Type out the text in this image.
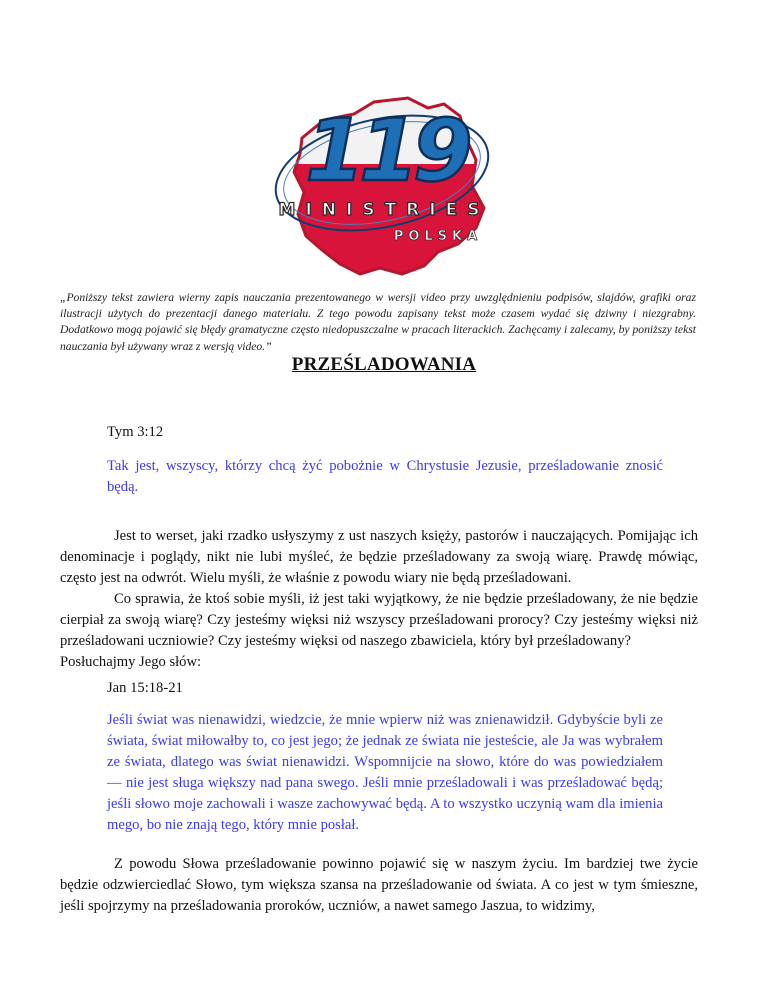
119
MINISTRIES
POLSKA
„Poniższy tekst zawiera wierny zapis nauczania prezentowanego w wersji video przy uwzględnieniu podpisów, slajdów, grafiki oraz ilustracji użytych do prezentacji danego materiału. Z tego powodu zapisany tekst może czasem wydać się dziwny i niezgrabny. Dodatkowo mogą pojawić się błędy gramatyczne często niedopuszczalne w pracach literackich. Zachęcamy i zalecamy, by poniższy tekst nauczania był używany wraz z wersją video.”
PRZEŚLADOWANIA
Tym 3:12
Tak jest, wszyscy, którzy chcą żyć pobożnie w Chrystusie Jezusie, prześladowanie znosić będą.

Jest to werset, jaki rzadko usłyszymy z ust naszych księży, pastorów i nauczających. Pomijając ich denominacje i poglądy, nikt nie lubi myśleć, że będzie prześladowany za swoją wiarę. Prawdę mówiąc, często jest na odwrót. Wielu myśli, że właśnie z powodu wiary nie będą prześladowani.

Co sprawia, że ktoś sobie myśli, iż jest taki wyjątkowy, że nie będzie prześladowany, że nie będzie cierpiał za swoją wiarę? Czy jesteśmy więksi niż wszyscy prześladowani prorocy? Czy jesteśmy więksi niż prześladowani uczniowie? Czy jesteśmy więksi od naszego zbawiciela, który był prześladowany?

Posłuchajmy Jego słów:

Jan 15:18-21
Jeśli świat was nienawidzi, wiedzcie, że mnie wpierw niż was znienawidził. Gdybyście byli ze świata, świat miłowałby to, co jest jego; że jednak ze świata nie jesteście, ale Ja was wybrałem ze świata, dlatego was świat nienawidzi. Wspomnijcie na słowo, które do was powiedziałem — nie jest sługa większy nad pana swego. Jeśli mnie prześladowali i was prześladować będą; jeśli słowo moje zachowali i wasze zachowywać będą. A to wszystko uczynią wam dla imienia mego, bo nie znają tego, który mnie posłał.

Z powodu Słowa prześladowanie powinno pojawić się w naszym życiu. Im bardziej twe życie będzie odzwierciedlać Słowo, tym większa szansa na prześladowanie od świata. A co jest w tym śmieszne, jeśli spojrzymy na prześladowania proroków, uczniów, a nawet samego Jaszua, to widzimy,
